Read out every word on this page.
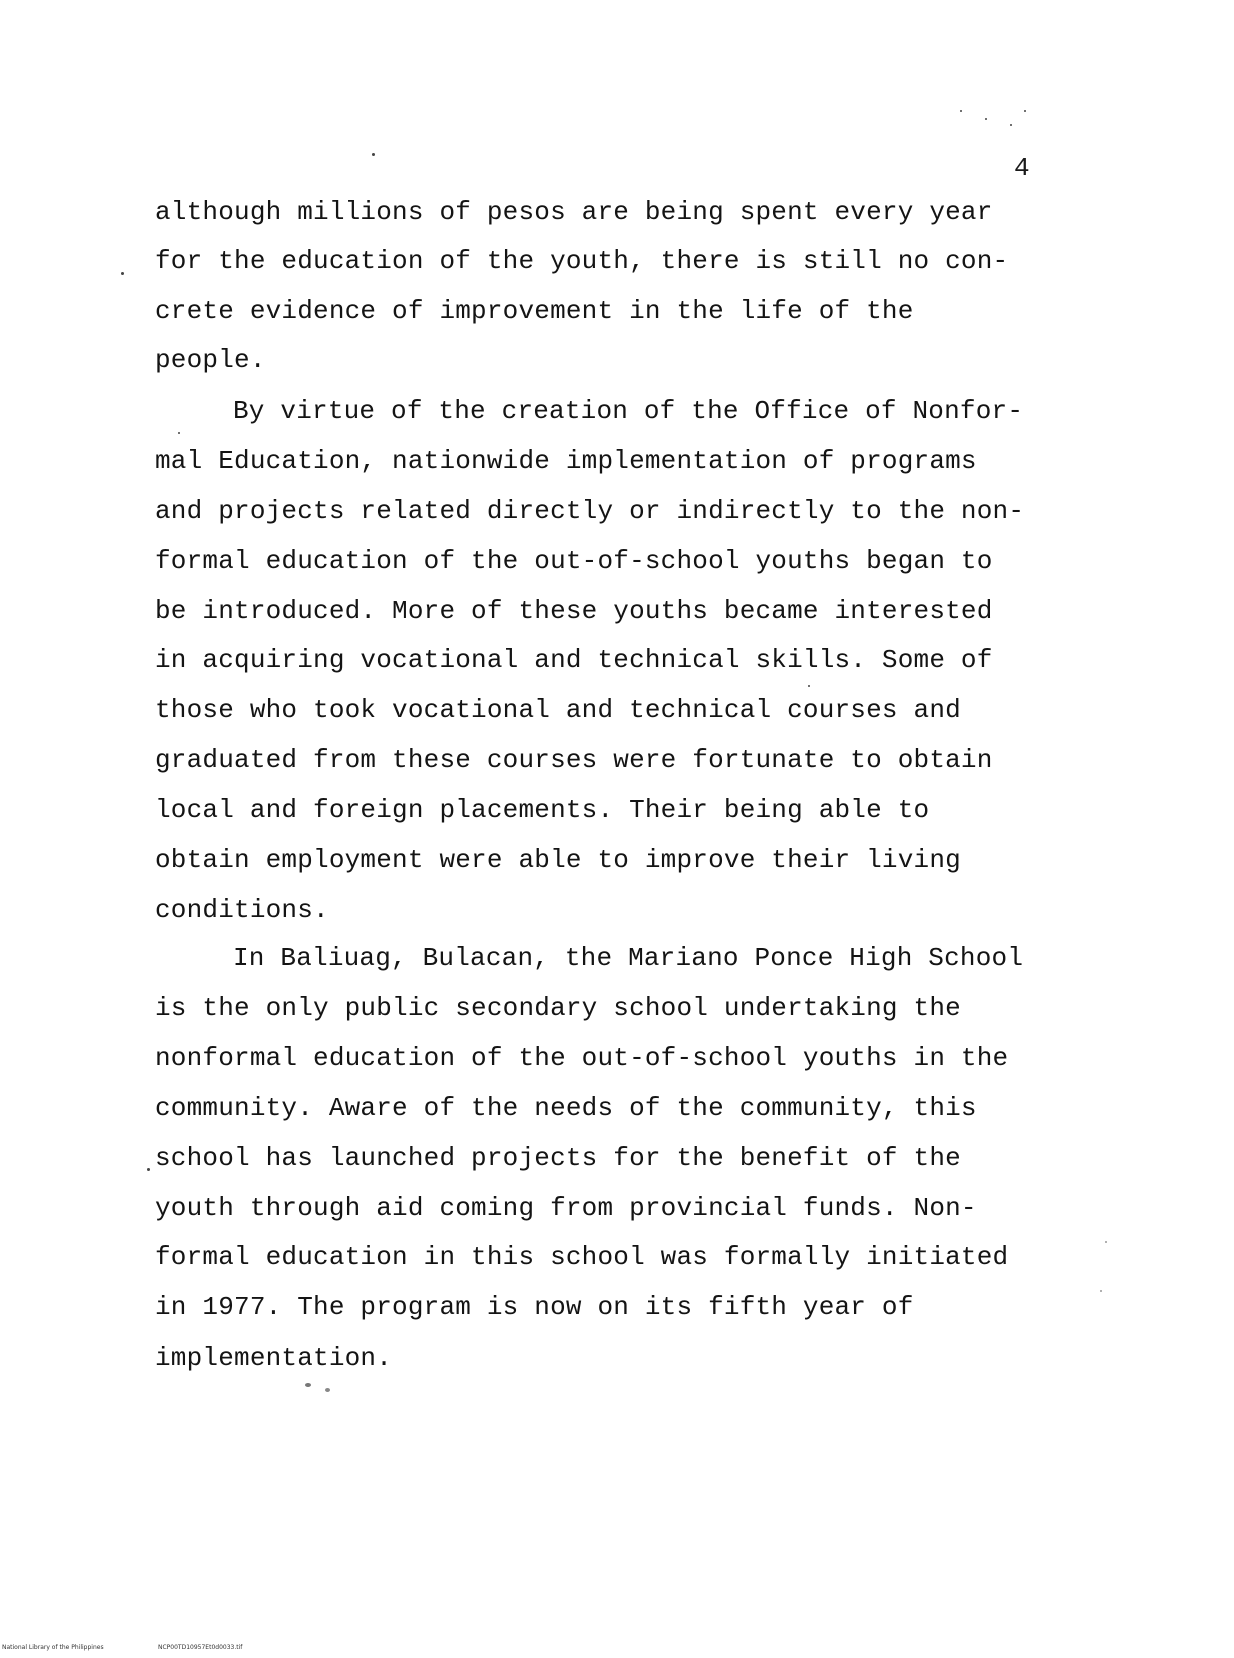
4
although millions of pesos are being spent every year
for the education of the youth, there is still no con-
crete evidence of improvement in the life of the
people.
By virtue of the creation of the Office of Nonfor-
mal Education, nationwide implementation of programs
and projects related directly or indirectly to the non-
formal education of the out-of-school youths began to
be introduced. More of these youths became interested
in acquiring vocational and technical skills. Some of
those who took vocational and technical courses and
graduated from these courses were fortunate to obtain
local and foreign placements. Their being able to
obtain employment were able to improve their living
conditions.
In Baliuag, Bulacan, the Mariano Ponce High School
is the only public secondary school undertaking the
nonformal education of the out-of-school youths in the
community. Aware of the needs of the community, this
school has launched projects for the benefit of the
youth through aid coming from provincial funds. Non-
formal education in this school was formally initiated
in 1977. The program is now on its fifth year of
implementation.
National Library of the Philippines	NCP00TD10957Et0d0033.tif
